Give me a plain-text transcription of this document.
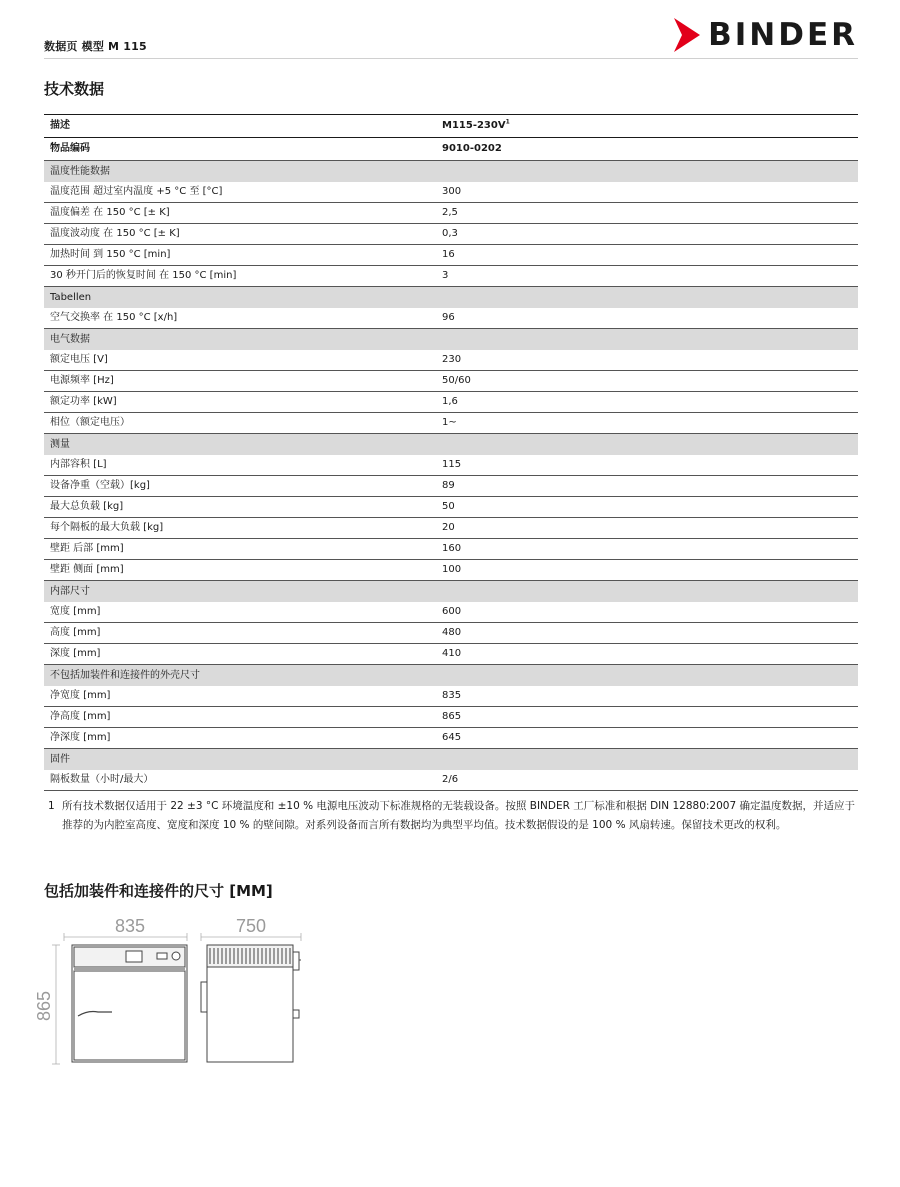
数据页 模型 M 115	BINDER
技术数据
描述	$M115-230V^1$
物品编码	9010-0202
温度性能数据
温度范围 超过室内温度 +5 °C 至 [°C]	300
温度偏差 在 150 °C [± K]	2,5
温度波动度 在 150 °C [± K]	0,3
加热时间 到 150 °C [min]	16
30 秒开门后的恢复时间 在 150 °C [min]	3
Tabellen
空气交换率 在 150 °C [x/h]	96
电气数据
额定电压 [V]	230
电源频率 [Hz]	50/60
额定功率 [kW]	1,6
相位（额定电压）	1~
测量
内部容积 [L]	115
设备净重（空载）[kg]	89
最大总负载 [kg]	50
每个隔板的最大负载 [kg]	20
壁距 后部 [mm]	160
壁距 侧面 [mm]	100
内部尺寸
宽度 [mm]	600
高度 [mm]	480
深度 [mm]	410
不包括加装件和连接件的外壳尺寸
净宽度 [mm]	835
净高度 [mm]	865
净深度 [mm]	645
固件
隔板数量（小时/最大）	2/6
1 所有技术数据仅适用于 22 ±3 °C 环境温度和 ±10 % 电源电压波动下标准规格的无装载设备。按照 BINDER 工厂标准和根据 DIN 12880:2007 确定温度数据，并适应于推荐的为内腔室高度、宽度和深度 10 % 的壁间隙。对系列设备而言所有数据均为典型平均值。技术数据假设的是 100 % 风扇转速。保留技术更改的权利。
包括加装件和连接件的尺寸 [MM]
835	750
865
